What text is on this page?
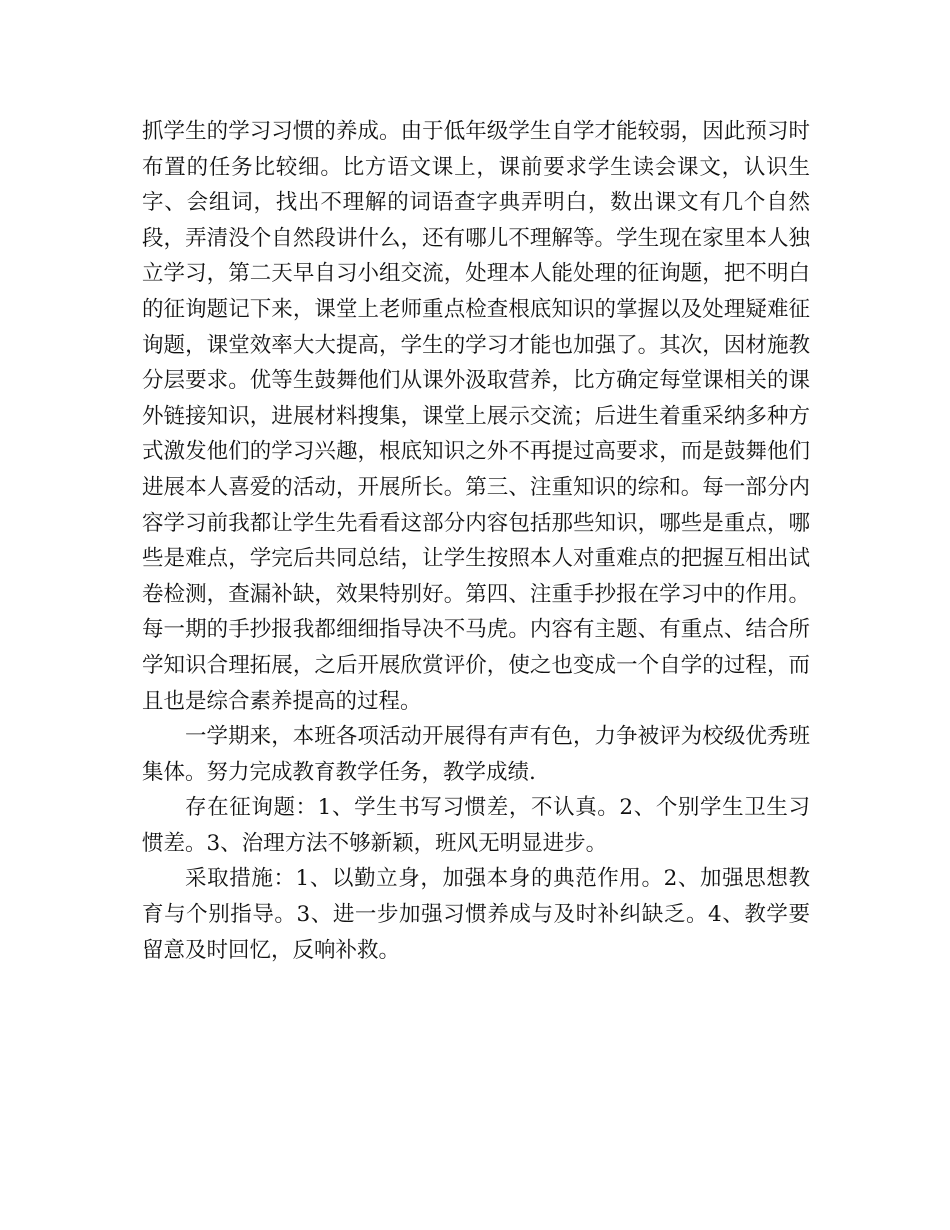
抓学生的学习习惯的养成。由于低年级学生自学才能较弱，因此预习时布置的任务比较细。比方语文课上，课前要求学生读会课文，认识生字、会组词，找出不理解的词语查字典弄明白，数出课文有几个自然段，弄清没个自然段讲什么，还有哪儿不理解等。学生现在家里本人独立学习，第二天早自习小组交流，处理本人能处理的征询题，把不明白的征询题记下来，课堂上老师重点检查根底知识的掌握以及处理疑难征询题，课堂效率大大提高，学生的学习才能也加强了。其次，因材施教分层要求。优等生鼓舞他们从课外汲取营养，比方确定每堂课相关的课外链接知识，进展材料搜集，课堂上展示交流；后进生着重采纳多种方式激发他们的学习兴趣，根底知识之外不再提过高要求，而是鼓舞他们进展本人喜爱的活动，开展所长。第三、注重知识的综和。每一部分内容学习前我都让学生先看看这部分内容包括那些知识，哪些是重点，哪些是难点，学完后共同总结，让学生按照本人对重难点的把握互相出试卷检测，查漏补缺，效果特别好。第四、注重手抄报在学习中的作用。每一期的手抄报我都细细指导决不马虎。内容有主题、有重点、结合所学知识合理拓展，之后开展欣赏评价，使之也变成一个自学的过程，而且也是综合素养提高的过程。

一学期来，本班各项活动开展得有声有色，力争被评为校级优秀班集体。努力完成教育教学任务，教学成绩.

存在征询题：1、学生书写习惯差，不认真。2、个别学生卫生习惯差。3、治理方法不够新颖，班风无明显进步。

采取措施：1、以勤立身，加强本身的典范作用。2、加强思想教育与个别指导。3、进一步加强习惯养成与及时补纠缺乏。4、教学要留意及时回忆，反响补救。
